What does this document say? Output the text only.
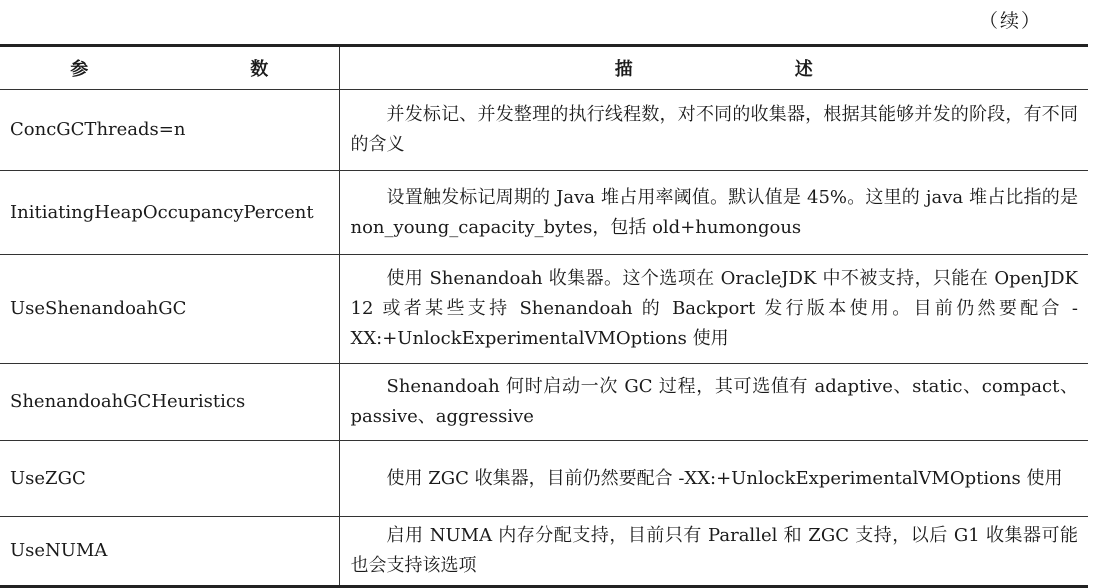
（续）
参　　数	描　　述
ConcGCThreads=n	并发标记、并发整理的执行线程数，对不同的收集器，根据其能够并发的阶段，有不同的含义
InitiatingHeapOccupancyPercent	设置触发标记周期的 Java 堆占用率阈值。默认值是 45%。这里的 java 堆占比指的是 non_young_capacity_bytes，包括 old+humongous
UseShenandoahGC	使用 Shenandoah 收集器。这个选项在 OracleJDK 中不被支持，只能在 OpenJDK 12 或者某些支持 Shenandoah 的 Backport 发行版本使用。目前仍然要配合 -XX:+UnlockExperimentalVMOptions 使用
ShenandoahGCHeuristics	Shenandoah 何时启动一次 GC 过程，其可选值有 adaptive、static、compact、passive、aggressive
UseZGC	使用 ZGC 收集器，目前仍然要配合 -XX:+UnlockExperimentalVMOptions 使用
UseNUMA	启用 NUMA 内存分配支持，目前只有 Parallel 和 ZGC 支持，以后 G1 收集器可能也会支持该选项
